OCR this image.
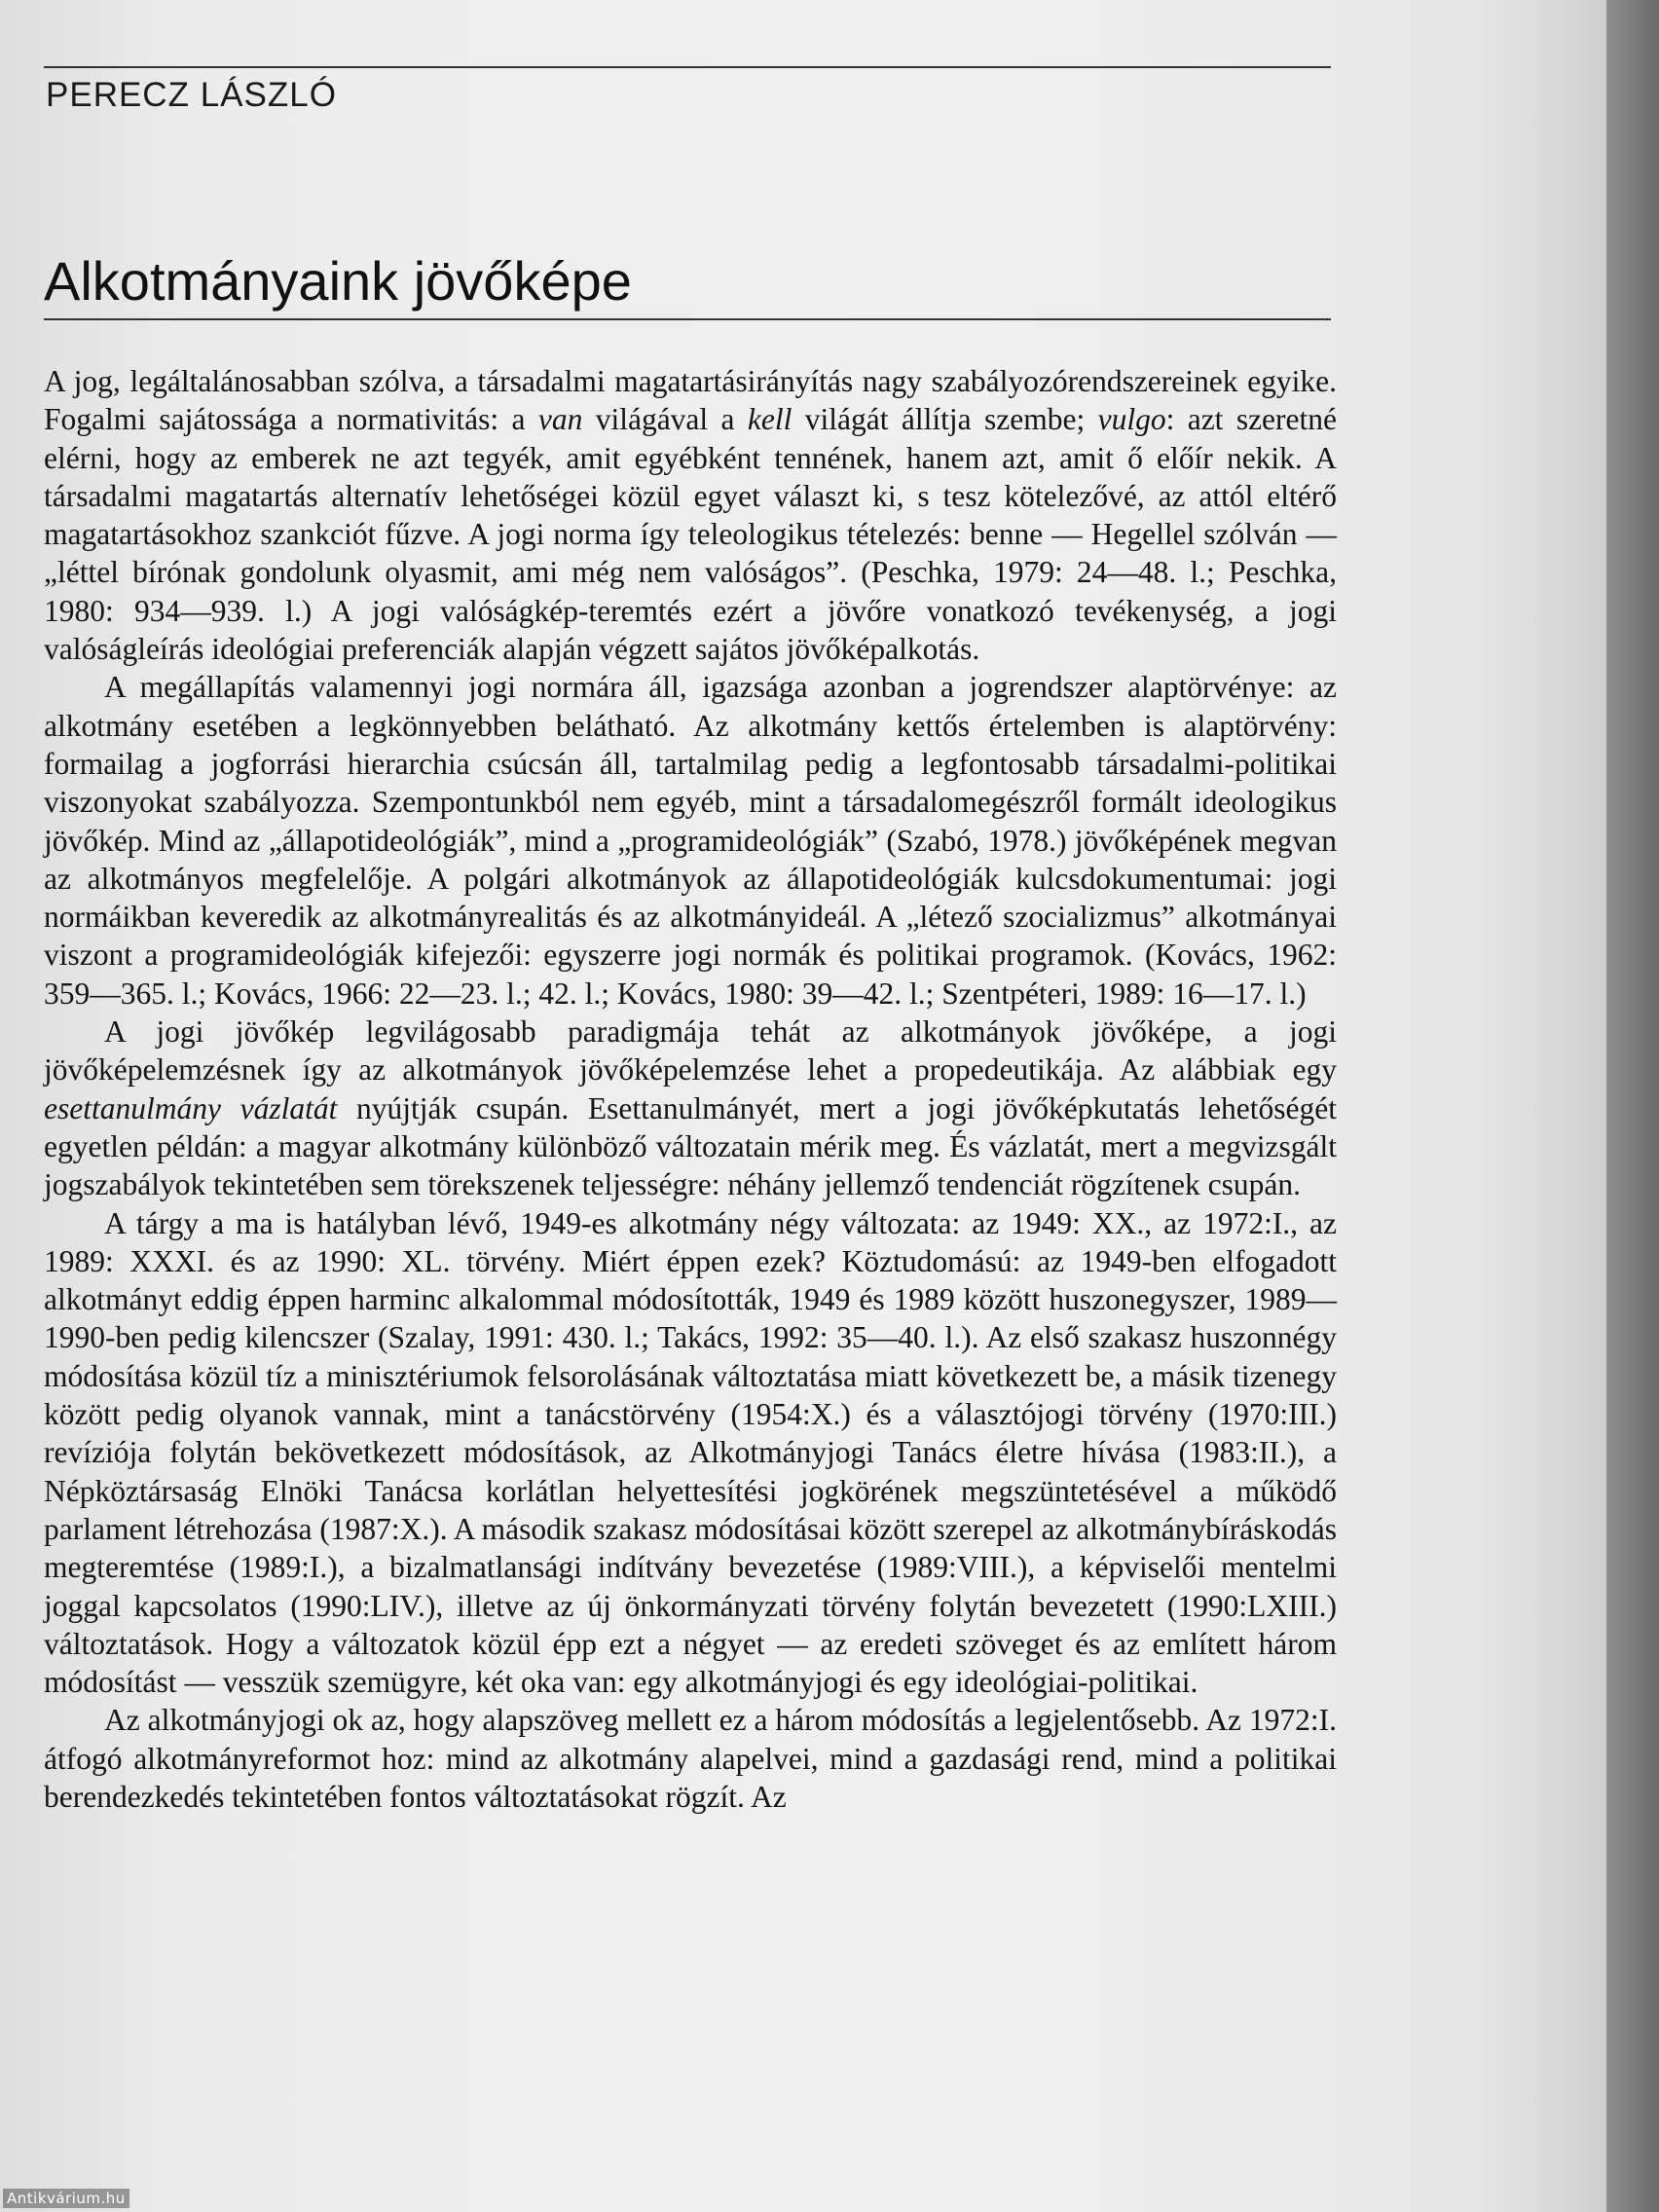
PERECZ LÁSZLÓ
Alkotmányaink jövőképe

A jog, legáltalánosabban szólva, a társadalmi magatartásirányítás nagy szabályozórendszereinek egyike. Fogalmi sajátossága a normativitás: a van világával a kell világát állítja szembe; vulgo: azt szeretné elérni, hogy az emberek ne azt tegyék, amit egyébként tennének, hanem azt, amit ő előír nekik. A társadalmi magatartás alternatív lehetőségei közül egyet választ ki, s tesz kötelezővé, az attól eltérő magatartásokhoz szankciót fűzve. A jogi norma így teleologikus tételezés: benne — Hegellel szólván — „léttel bírónak gondolunk olyasmit, ami még nem valóságos”. (Peschka, 1979: 24—48. l.; Peschka, 1980: 934—939. l.) A jogi valóságkép-teremtés ezért a jövőre vonatkozó tevékenység, a jogi valóságleírás ideológiai preferenciák alapján végzett sajátos jövőképalkotás.

A megállapítás valamennyi jogi normára áll, igazsága azonban a jogrendszer alaptörvénye: az alkotmány esetében a legkönnyebben belátható. Az alkotmány kettős értelemben is alaptörvény: formailag a jogforrási hierarchia csúcsán áll, tartalmilag pedig a legfontosabb társadalmi-politikai viszonyokat szabályozza. Szempontunkból nem egyéb, mint a társadalomegészről formált ideologikus jövőkép. Mind az „állapotideológiák”, mind a „programideológiák” (Szabó, 1978.) jövőképének megvan az alkotmányos megfelelője. A polgári alkotmányok az állapotideológiák kulcsdokumentumai: jogi normáikban keveredik az alkotmányrealitás és az alkotmányideál. A „létező szocializmus” alkotmányai viszont a programideológiák kifejezői: egyszerre jogi normák és politikai programok. (Kovács, 1962: 359—365. l.; Kovács, 1966: 22—23. l.; 42. l.; Kovács, 1980: 39—42. l.; Szentpéteri, 1989: 16—17. l.)

A jogi jövőkép legvilágosabb paradigmája tehát az alkotmányok jövőképe, a jogi jövőképelemzésnek így az alkotmányok jövőképelemzése lehet a propedeutikája. Az alábbiak egy esettanulmány vázlatát nyújtják csupán. Esettanulmányét, mert a jogi jövőképkutatás lehetőségét egyetlen példán: a magyar alkotmány különböző változatain mérik meg. És vázlatát, mert a megvizsgált jogszabályok tekintetében sem törekszenek teljességre: néhány jellemző tendenciát rögzítenek csupán.

A tárgy a ma is hatályban lévő, 1949-es alkotmány négy változata: az 1949: XX., az 1972:I., az 1989: XXXI. és az 1990: XL. törvény. Miért éppen ezek? Köztudomású: az 1949-ben elfogadott alkotmányt eddig éppen harminc alkalommal módosították, 1949 és 1989 között huszonegyszer, 1989—1990-ben pedig kilencszer (Szalay, 1991: 430. l.; Takács, 1992: 35—40. l.). Az első szakasz huszonnégy módosítása közül tíz a minisztériumok felsorolásának változtatása miatt következett be, a másik tizenegy között pedig olyanok vannak, mint a tanácstörvény (1954:X.) és a választójogi törvény (1970:III.) revíziója folytán bekövetkezett módosítások, az Alkotmányjogi Tanács életre hívása (1983:II.), a Népköztársaság Elnöki Tanácsa korlátlan helyettesítési jogkörének megszüntetésével a működő parlament létrehozása (1987:X.). A második szakasz módosításai között szerepel az alkotmánybíráskodás megteremtése (1989:I.), a bizalmatlansági indítvány bevezetése (1989:VIII.), a képviselői mentelmi joggal kapcsolatos (1990:LIV.), illetve az új önkormányzati törvény folytán bevezetett (1990:LXIII.) változtatások. Hogy a változatok közül épp ezt a négyet — az eredeti szöveget és az említett három módosítást — vesszük szemügyre, két oka van: egy alkotmányjogi és egy ideológiai-politikai.

Az alkotmányjogi ok az, hogy alapszöveg mellett ez a három módosítás a legjelentősebb. Az 1972:I. átfogó alkotmányreformot hoz: mind az alkotmány alapelvei, mind a gazdasági rend, mind a politikai berendezkedés tekintetében fontos változtatásokat rögzít. Az

Antikvárium.hu
